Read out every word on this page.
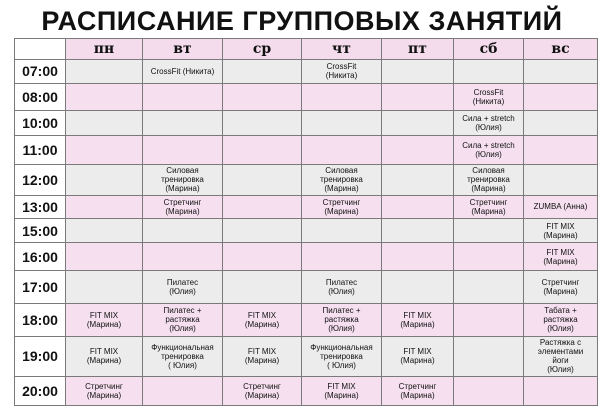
РАСПИСАНИЕ ГРУППОВЫХ ЗАНЯТИЙ
	пн	вт	ср	чт	пт	сб	вс
07:00		CrossFit (Никита)		CrossFit
(Никита)			

08:00						CrossFit
(Никита)	

10:00						Сила + stretch
(Юлия)	

11:00						Сила + stretch
(Юлия)	

12:00		Силовая
тренировка
(Марина)		Силовая
тренировка
(Марина)		Силовая
тренировка
(Марина)	

13:00		Стретчинг
(Марина)		Стретчинг
(Марина)		Стретчинг
(Марина)	ZUMBA (Анна)

15:00							FIT MIX
(Марина)

16:00							FIT MIX
(Марина)

17:00		Пилатес
(Юлия)		Пилатес
(Юлия)			Стретчинг
(Марина)

18:00	FIT MIX
(Марина)	Пилатес +
растяжка
(Юлия)	FIT MIX
(Марина)	Пилатес +
растяжка
(Юлия)	FIT MIX
(Марина)		Табата +
растяжка
(Юлия)

19:00	FIT MIX
(Марина)	Функциональная
тренировка
( Юлия)	FIT MIX
(Марина)	Функциональная
тренировка
( Юлия)	FIT MIX
(Марина)		Растяжка с
элементами
йоги
(Юлия)

20:00	Стретчинг
(Марина)		Стретчинг
(Марина)	FIT MIX
(Марина)	Стретчинг
(Марина)		
